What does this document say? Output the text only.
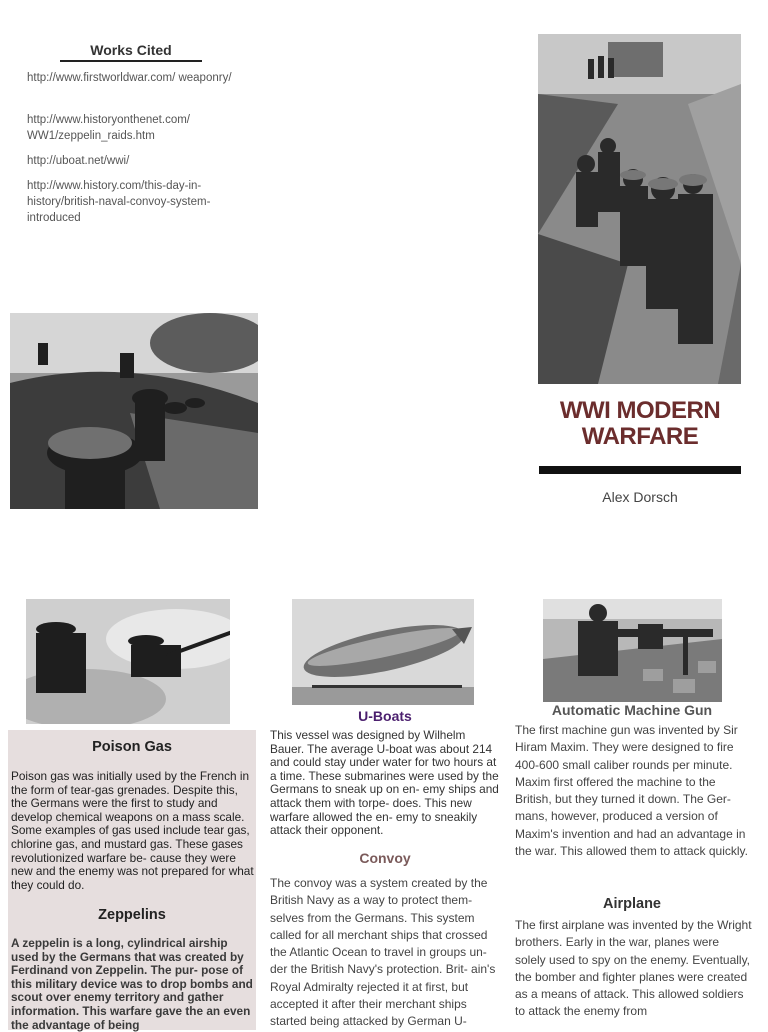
Works Cited
http://www.firstworldwar.com/ weaponry/
http://www.historyonthenet.com/ WW1/zeppelin_raids.htm
http://uboat.net/wwi/
http://www.history.com/this-day-in- history/british-naval-convoy-system- introduced
WWI MODERN
WARFARE
Alex Dorsch
Poison Gas
Poison gas was initially used by the French in the form of tear-gas grenades. Despite this, the Germans were the first to study and develop chemical weapons on a mass scale. Some examples of gas used include tear gas, chlorine gas, and mustard gas. These gases revolutionized warfare be- cause they were new and the enemy was not prepared for what they could do.
Zeppelins
A zeppelin is a long, cylindrical airship used by the Germans that was created by Ferdinand von Zeppelin. The pur- pose of this military device was to drop bombs and scout over enemy territory and gather information. This warfare gave the an even the advantage of being
U-Boats
This vessel was designed by Wilhelm Bauer. The average U-boat was about 214 and could stay under water for two hours at a time. These submarines were used by the Germans to sneak up on en- emy ships and attack them with torpe- does. This new warfare allowed the en- emy to sneakily attack their opponent.
Convoy
The convoy was a system created by the British Navy as a way to protect them- selves from the Germans. This system called for all merchant ships that crossed the Atlantic Ocean to travel in groups un- der the British Navy's protection. Brit- ain's Royal Admiralty rejected it at first, but accepted it after their merchant ships started being attacked by German U-
Automatic Machine Gun
The first machine gun was invented by Sir Hiram Maxim. They were designed to fire 400-600 small caliber rounds per minute. Maxim first offered the machine to the British, but they turned it down. The Ger- mans, however, produced a version of Maxim's invention and had an advantage in the war. This allowed them to attack quickly.
Airplane
The first airplane was invented by the Wright brothers. Early in the war, planes were solely used to spy on the enemy. Eventually, the bomber and fighter planes were created as a means of attack. This allowed soldiers to attack the enemy from
